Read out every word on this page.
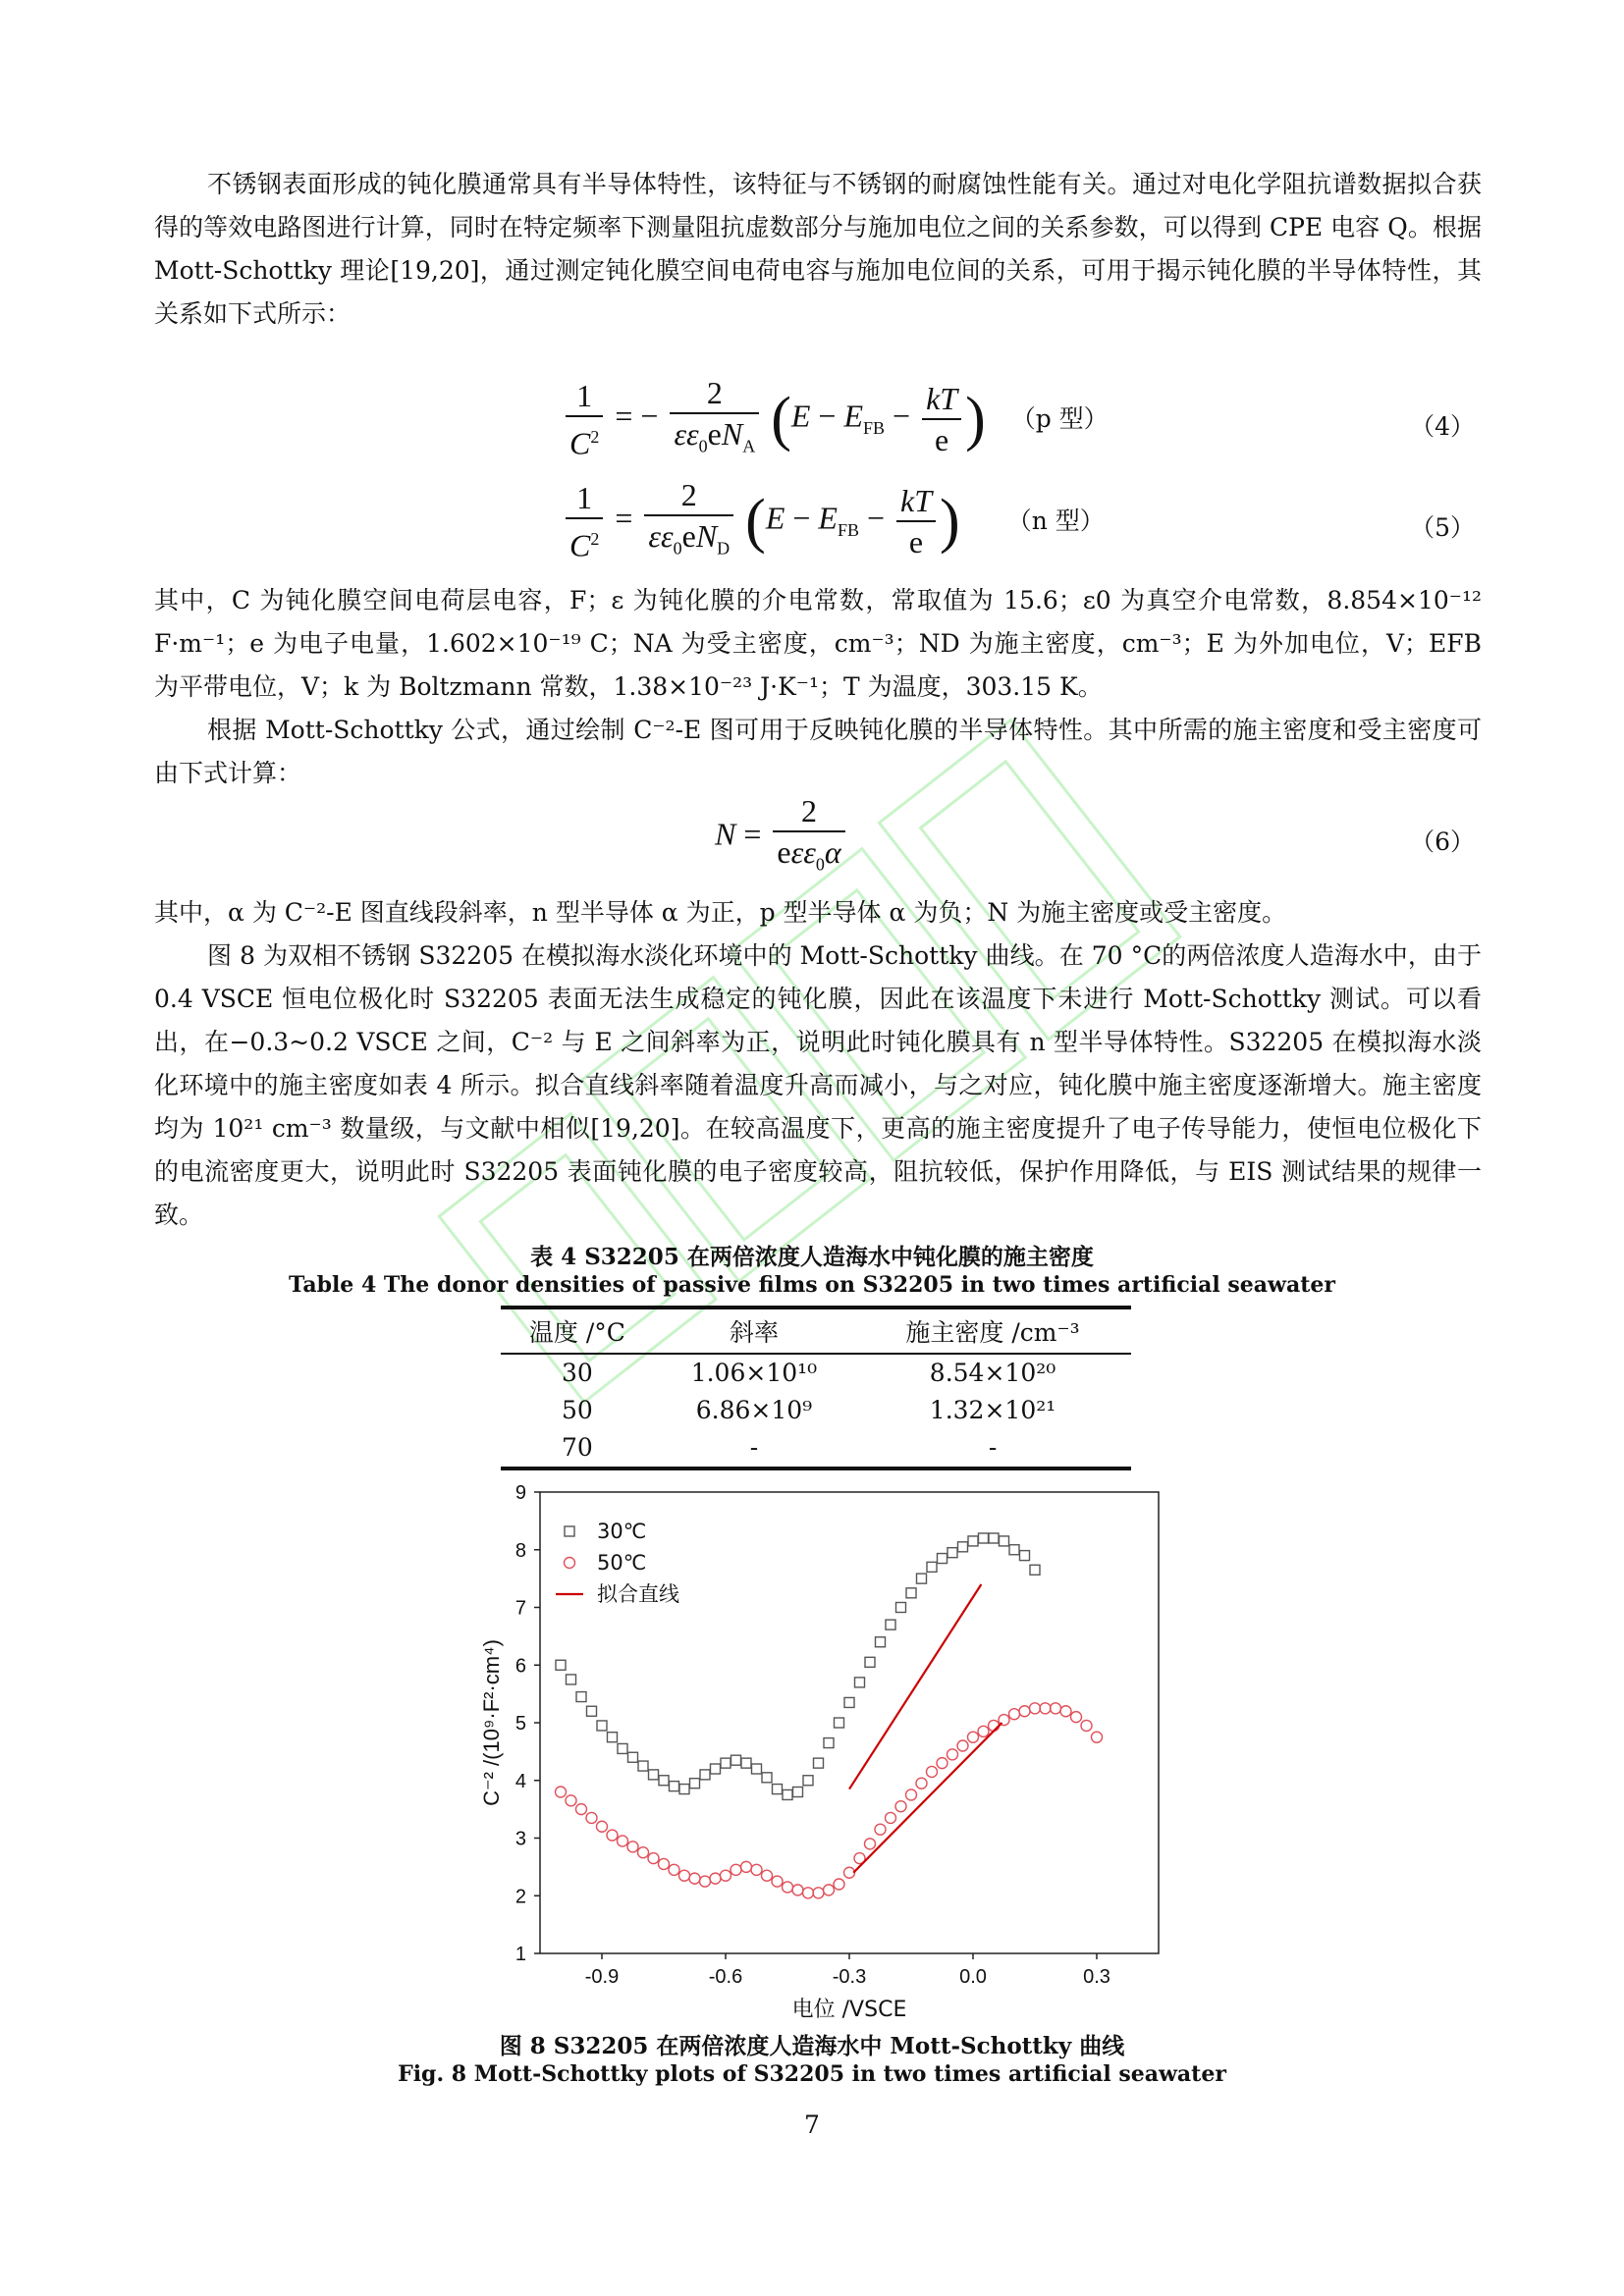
不锈钢表面形成的钝化膜通常具有半导体特性，该特征与不锈钢的耐腐蚀性能有关。通过对电化学阻抗谱数据拟合获得的等效电路图进行计算，同时在特定频率下测量阻抗虚数部分与施加电位之间的关系参数，可以得到 CPE 电容 Q。根据 Mott-Schottky 理论[19,20]，通过测定钝化膜空间电荷电容与施加电位间的关系，可用于揭示钝化膜的半导体特性，其关系如下式所示：
$\frac{1}{C^2}$ = − $\frac{2}{\varepsilon\varepsilon_0eN_A} (E - E_{FB} - \frac{kT}{e}$ ) （p 型）	（4）
$\frac{1}{C^2} = \frac{2}{\varepsilon\varepsilon_0eN_D} (E - E_{FB} - \frac{kT}{e}$ ) （n 型）	（5）
其中，C 为钝化膜空间电荷层电容，F；ε 为钝化膜的介电常数，常取值为 15.6；ε0 为真空介电常数，8.854×10⁻¹² F·m⁻¹；e 为电子电量，1.602×10⁻¹⁹ C；NA 为受主密度，cm⁻³；ND 为施主密度，cm⁻³；E 为外加电位，V；EFB 为平带电位，V；k 为 Boltzmann 常数，1.38×10⁻²³ J·K⁻¹；T 为温度，303.15 K。
根据 Mott-Schottky 公式，通过绘制 C⁻²-E 图可用于反映钝化膜的半导体特性。其中所需的施主密度和受主密度可由下式计算：
$N = \frac{2}{e\varepsilon\varepsilon_0\alpha}$	（6）
其中，α 为 C⁻²-E 图直线段斜率，n 型半导体 α 为正，p 型半导体 α 为负；N 为施主密度或受主密度。
图 8 为双相不锈钢 S32205 在模拟海水淡化环境中的 Mott-Schottky 曲线。在 70 °C的两倍浓度人造海水中，由于 0.4 VSCE 恒电位极化时 S32205 表面无法生成稳定的钝化膜，因此在该温度下未进行 Mott-Schottky 测试。可以看出，在−0.3~0.2 VSCE 之间，C⁻² 与 E 之间斜率为正，说明此时钝化膜具有 n 型半导体特性。S32205 在模拟海水淡化环境中的施主密度如表 4 所示。拟合直线斜率随着温度升高而减小，与之对应，钝化膜中施主密度逐渐增大。施主密度均为 10²¹ cm⁻³ 数量级，与文献中相似[19,20]。在较高温度下，更高的施主密度提升了电子传导能力，使恒电位极化下的电流密度更大，说明此时 S32205 表面钝化膜的电子密度较高，阻抗较低，保护作用降低，与 EIS 测试结果的规律一致。
表 4 S32205 在两倍浓度人造海水中钝化膜的施主密度
Table 4 The donor densities of passive films on S32205 in two times artificial seawater
温度 /°C	斜率	施主密度 /cm⁻³
30	1.06×10¹⁰	8.54×10²⁰
50	6.86×10⁹	1.32×10²¹
70	-	-
1
2
3
4
5
6
7
8
9
-0.9	-0.6	-0.3	0.0	0.3
电位 /VSCE
C⁻² /(10⁹·F²·cm⁴)
30℃
50℃
拟合直线
图 8 S32205 在两倍浓度人造海水中 Mott-Schottky 曲线
Fig. 8 Mott-Schottky plots of S32205 in two times artificial seawater
7
